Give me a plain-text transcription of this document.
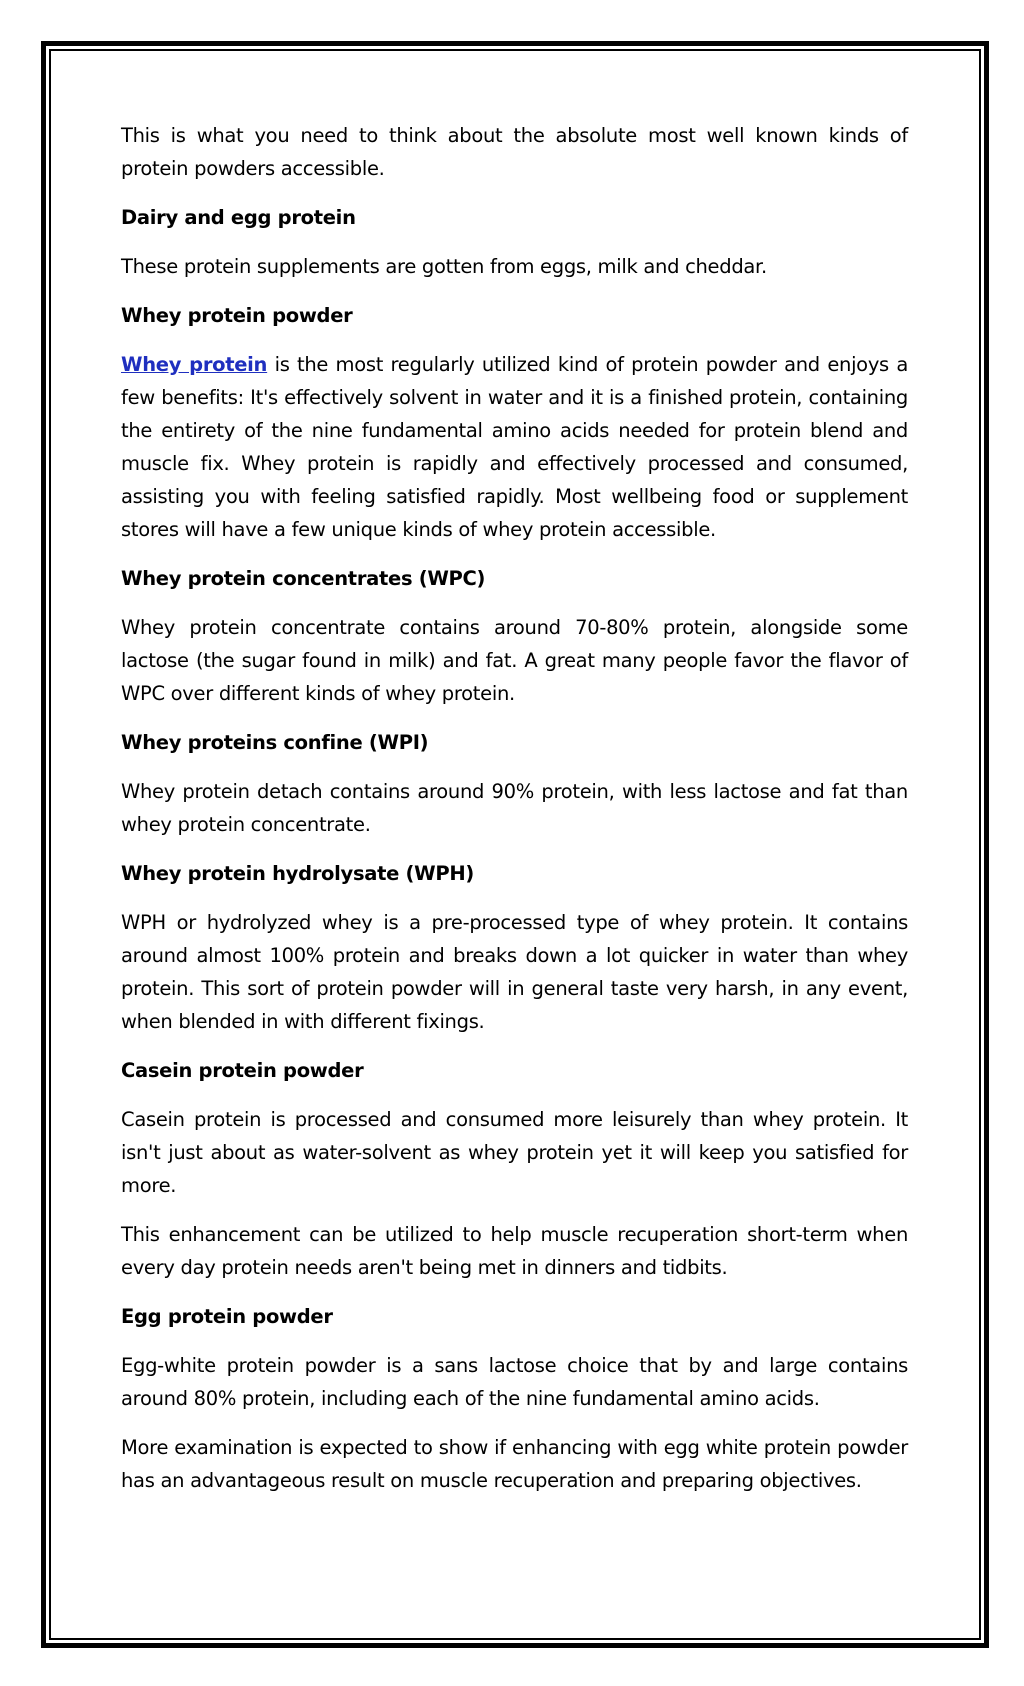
This is what you need to think about the absolute most well known kinds of protein powders accessible.

Dairy and egg protein

These protein supplements are gotten from eggs, milk and cheddar.

Whey protein powder

Whey protein is the most regularly utilized kind of protein powder and enjoys a few benefits: It's effectively solvent in water and it is a finished protein, containing the entirety of the nine fundamental amino acids needed for protein blend and muscle fix. Whey protein is rapidly and effectively processed and consumed, assisting you with feeling satisfied rapidly. Most wellbeing food or supplement stores will have a few unique kinds of whey protein accessible.

Whey protein concentrates (WPC)

Whey protein concentrate contains around 70-80% protein, alongside some lactose (the sugar found in milk) and fat. A great many people favor the flavor of WPC over different kinds of whey protein.

Whey proteins confine (WPI)

Whey protein detach contains around 90% protein, with less lactose and fat than whey protein concentrate.

Whey protein hydrolysate (WPH)

WPH or hydrolyzed whey is a pre-processed type of whey protein. It contains around almost 100% protein and breaks down a lot quicker in water than whey protein. This sort of protein powder will in general taste very harsh, in any event, when blended in with different fixings.

Casein protein powder

Casein protein is processed and consumed more leisurely than whey protein. It isn't just about as water-solvent as whey protein yet it will keep you satisfied for more.

This enhancement can be utilized to help muscle recuperation short-term when every day protein needs aren't being met in dinners and tidbits.

Egg protein powder

Egg-white protein powder is a sans lactose choice that by and large contains around 80% protein, including each of the nine fundamental amino acids.

More examination is expected to show if enhancing with egg white protein powder has an advantageous result on muscle recuperation and preparing objectives.
